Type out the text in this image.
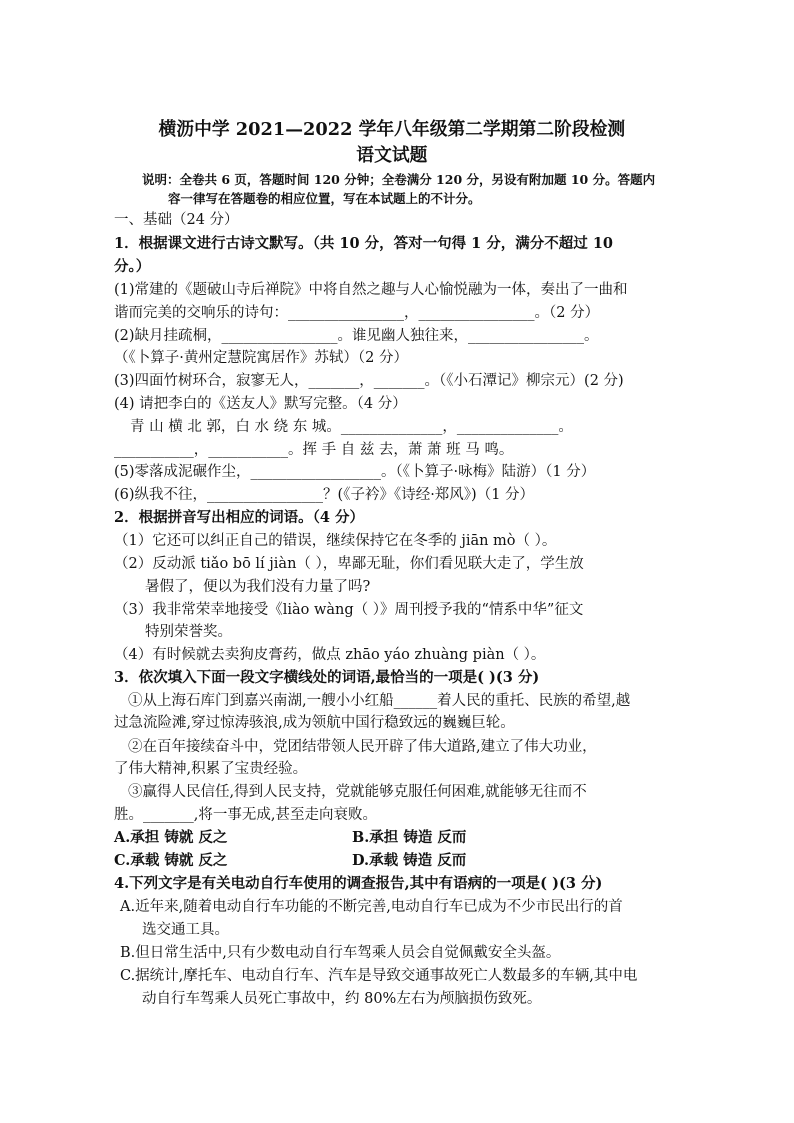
横沥中学 2021—2022 学年八年级第二学期第二阶段检测
语文试题
说明：全卷共 6 页，答题时间 120 分钟；全卷满分 120 分，另设有附加题 10 分。答题内
容一律写在答题卷的相应位置，写在本试题上的不计分。
一、基础（24 分）
1．根据课文进行古诗文默写。（共 10 分，答对一句得 1 分，满分不超过 10
分。）
(1)常建的《题破山寺后禅院》中将自然之趣与人心愉悦融为一体，奏出了一曲和
谐而完美的交响乐的诗句：________________，________________。（2 分）
(2)缺月挂疏桐，________________。谁见幽人独往来，________________。
（《卜算子·黄州定慧院寓居作》苏轼）（2 分）
(3)四面竹树环合，寂寥无人，_______，_______。（《小石潭记》柳宗元）(2 分)
(4) 请把李白的《送友人》默写完整。（4 分）
青 山 横 北 郭，白 水 绕 东 城。______________，______________。
___________，___________。挥 手 自 兹 去，萧 萧 班 马 鸣。
(5)零落成泥碾作尘，__________________。（《卜算子·咏梅》陆游）（1 分）
(6)纵我不往，________________？(《子衿》《诗经·郑风》)（1 分）
2．根据拼音写出相应的词语。（4 分）
（1）它还可以纠正自己的错误，继续保持它在冬季的 jiān mò（ ）。
（2）反动派 tiǎo bō lí jiàn（ ），卑鄙无耻，你们看见联大走了，学生放
暑假了，便以为我们没有力量了吗?
（3）我非常荣幸地接受《liào wàng（ ）》周刊授予我的“情系中华”征文
特别荣誉奖。
（4）有时候就去卖狗皮膏药，做点 zhāo yáo zhuàng piàn（ ）。
3．依次填入下面一段文字横线处的词语,最恰当的一项是( )(3 分)
①从上海石库门到嘉兴南湖,一艘小小红船______着人民的重托、民族的希望,越
过急流险滩,穿过惊涛骇浪,成为领航中国行稳致远的巍巍巨轮。
②在百年接续奋斗中，党团结带领人民开辟了伟大道路,建立了伟大功业，
了伟大精神,积累了宝贵经验。
③赢得人民信任,得到人民支持，党就能够克服任何困难,就能够无往而不
胜。_______,将一事无成,甚至走向衰败。
A.承担 铸就 反之	B.承担 铸造 反而
C.承载 铸就 反之	D.承载 铸造 反而
4.下列文字是有关电动自行车使用的调查报告,其中有语病的一项是( )(3 分)
A.近年来,随着电动自行车功能的不断完善,电动自行车已成为不少市民出行的首
选交通工具。
B.但日常生活中,只有少数电动自行车驾乘人员会自觉佩戴安全头盔。
C.据统计,摩托车、电动自行车、汽车是导致交通事故死亡人数最多的车辆,其中电
动自行车驾乘人员死亡事故中，约 80%左右为颅脑损伤致死。
